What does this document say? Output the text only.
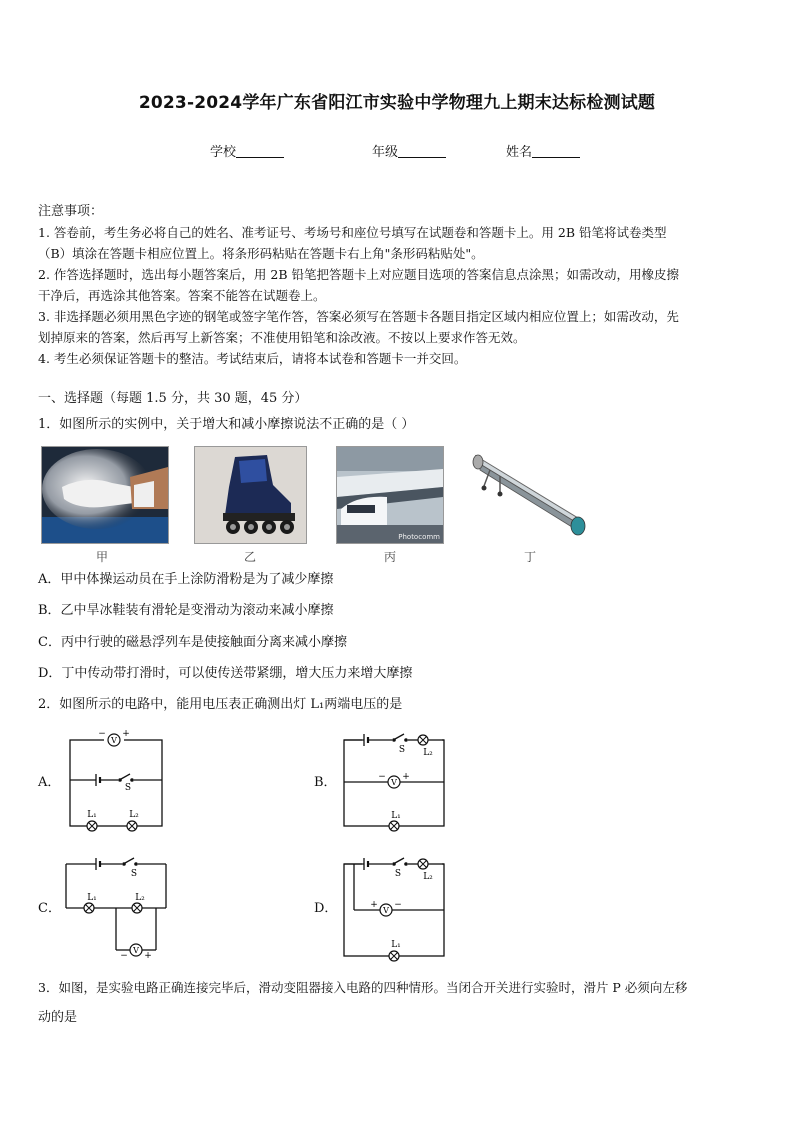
2023-2024学年广东省阳江市实验中学物理九上期末达标检测试题
学校	年级	姓名
注意事项：
1. 答卷前，考生务必将自己的姓名、准考证号、考场号和座位号填写在试题卷和答题卡上。用 2B 铅笔将试卷类型
（B）填涂在答题卡相应位置上。将条形码粘贴在答题卡右上角"条形码粘贴处"。
2. 作答选择题时，选出每小题答案后，用 2B 铅笔把答题卡上对应题目选项的答案信息点涂黑；如需改动，用橡皮擦
干净后，再选涂其他答案。答案不能答在试题卷上。
3. 非选择题必须用黑色字迹的钢笔或签字笔作答，答案必须写在答题卡各题目指定区域内相应位置上；如需改动，先
划掉原来的答案，然后再写上新答案；不准使用铅笔和涂改液。不按以上要求作答无效。
4. 考生必须保证答题卡的整洁。考试结束后，请将本试卷和答题卡一并交回。
一、选择题（每题 1.5 分，共 30 题，45 分）
1．如图所示的实例中，关于增大和减小摩擦说法不正确的是（ ）
甲	乙
Photocomm
丙	丁
A．甲中体操运动员在手上涂防滑粉是为了减少摩擦
B．乙中旱冰鞋装有滑轮是变滑动为滚动来减小摩擦
C．丙中行驶的磁悬浮列车是使接触面分离来减小摩擦
D．丁中传动带打滑时，可以使传送带紧绷，增大压力来增大摩擦
2．如图所示的电路中，能用电压表正确测出灯 L₁两端电压的是
A．	B．
C．	D．
V
− +
S
L₁	L₂
S L₂
V
− +
L₁
S
L₁	L₂
V
− +
S L₂
V
+ −
L₁
3．如图，是实验电路正确连接完毕后，滑动变阻器接入电路的四种情形。当闭合开关进行实验时，滑片 P 必须向左移
动的是
